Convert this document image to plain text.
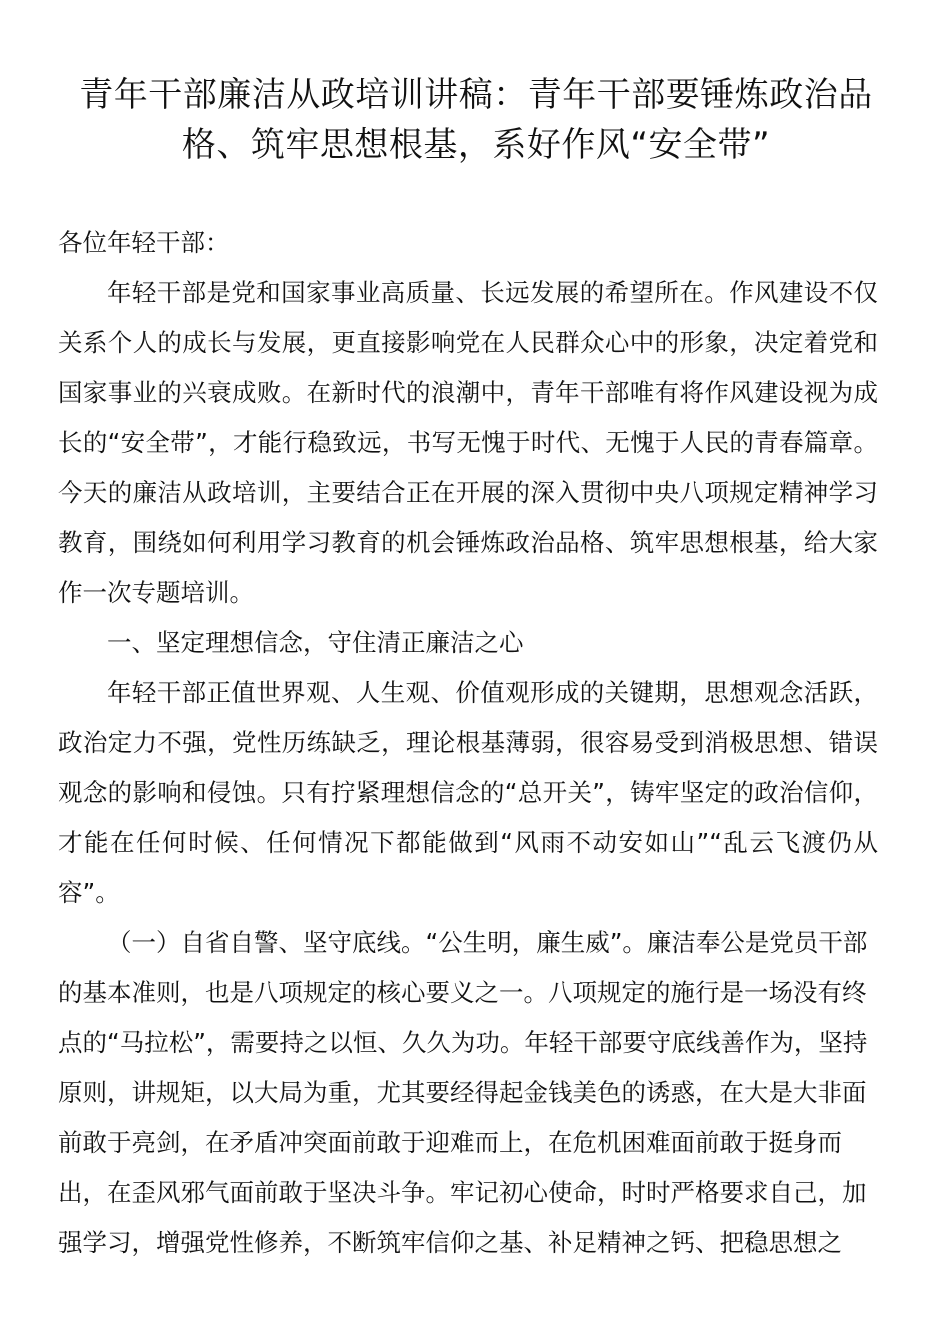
青年干部廉洁从政培训讲稿：青年干部要锤炼政治品
格、筑牢思想根基，系好作风“安全带”

各位年轻干部：

年轻干部是党和国家事业高质量、长远发展的希望所在。作风建设不仅关系个人的成长与发展，更直接影响党在人民群众心中的形象，决定着党和国家事业的兴衰成败。在新时代的浪潮中，青年干部唯有将作风建设视为成长的“安全带”，才能行稳致远，书写无愧于时代、无愧于人民的青春篇章。今天的廉洁从政培训，主要结合正在开展的深入贯彻中央八项规定精神学习教育，围绕如何利用学习教育的机会锤炼政治品格、筑牢思想根基，给大家作一次专题培训。

一、坚定理想信念，守住清正廉洁之心

年轻干部正值世界观、人生观、价值观形成的关键期，思想观念活跃，政治定力不强，党性历练缺乏，理论根基薄弱，很容易受到消极思想、错误观念的影响和侵蚀。只有拧紧理想信念的“总开关”，铸牢坚定的政治信仰，才能在任何时候、任何情况下都能做到“风雨不动安如山”“乱云飞渡仍从容”。

（一）自省自警、坚守底线。“公生明，廉生威”。廉洁奉公是党员干部的基本准则，也是八项规定的核心要义之一。八项规定的施行是一场没有终点的“马拉松”，需要持之以恒、久久为功。年轻干部要守底线善作为，坚持原则，讲规矩，以大局为重，尤其要经得起金钱美色的诱惑，在大是大非面前敢于亮剑，在矛盾冲突面前敢于迎难而上，在危机困难面前敢于挺身而出，在歪风邪气面前敢于坚决斗争。牢记初心使命，时时严格要求自己，加强学习，增强党性修养，不断筑牢信仰之基、补足精神之钙、把稳思想之
